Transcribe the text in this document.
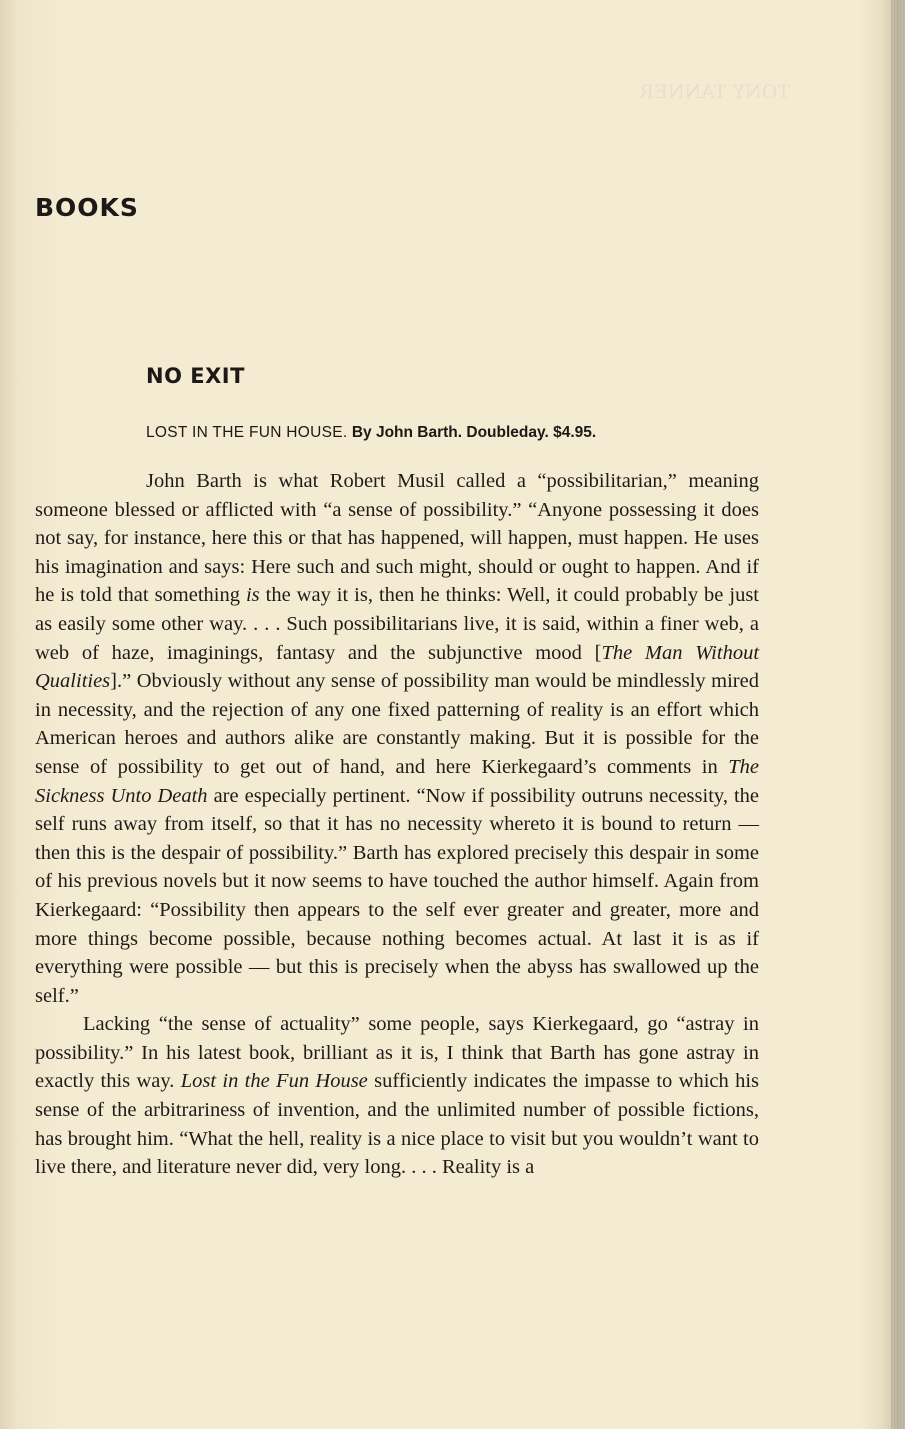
TONY TANNER
BOOKS
NO EXIT
LOST IN THE FUN HOUSE. By John Barth. Doubleday. $4.95.

John Barth is what Robert Musil called a “possibilitarian,” meaning someone blessed or afflicted with “a sense of possibility.” “Anyone possessing it does not say, for instance, here this or that has happened, will happen, must happen. He uses his imagination and says: Here such and such might, should or ought to happen. And if he is told that something is the way it is, then he thinks: Well, it could probably be just as easily some other way. . . . Such possibilitarians live, it is said, within a finer web, a web of haze, imaginings, fantasy and the subjunctive mood [The Man Without Qualities].” Obviously without any sense of possibility man would be mindlessly mired in necessity, and the rejection of any one fixed patterning of reality is an effort which American heroes and authors alike are constantly making. But it is possible for the sense of possibility to get out of hand, and here Kierkegaard’s comments in The Sickness Unto Death are especially pertinent. “Now if possibility outruns necessity, the self runs away from itself, so that it has no necessity whereto it is bound to return — then this is the despair of possibility.” Barth has explored precisely this despair in some of his previous novels but it now seems to have touched the author himself. Again from Kierkegaard: “Possibility then appears to the self ever greater and greater, more and more things become possible, because nothing becomes actual. At last it is as if everything were possible — but this is precisely when the abyss has swallowed up the self.”

Lacking “the sense of actuality” some people, says Kierkegaard, go “astray in possibility.” In his latest book, brilliant as it is, I think that Barth has gone astray in exactly this way. Lost in the Fun House sufficiently indicates the impasse to which his sense of the arbitrariness of invention, and the unlimited number of possible fictions, has brought him. “What the hell, reality is a nice place to visit but you wouldn’t want to live there, and literature never did, very long. . . . Reality is a
